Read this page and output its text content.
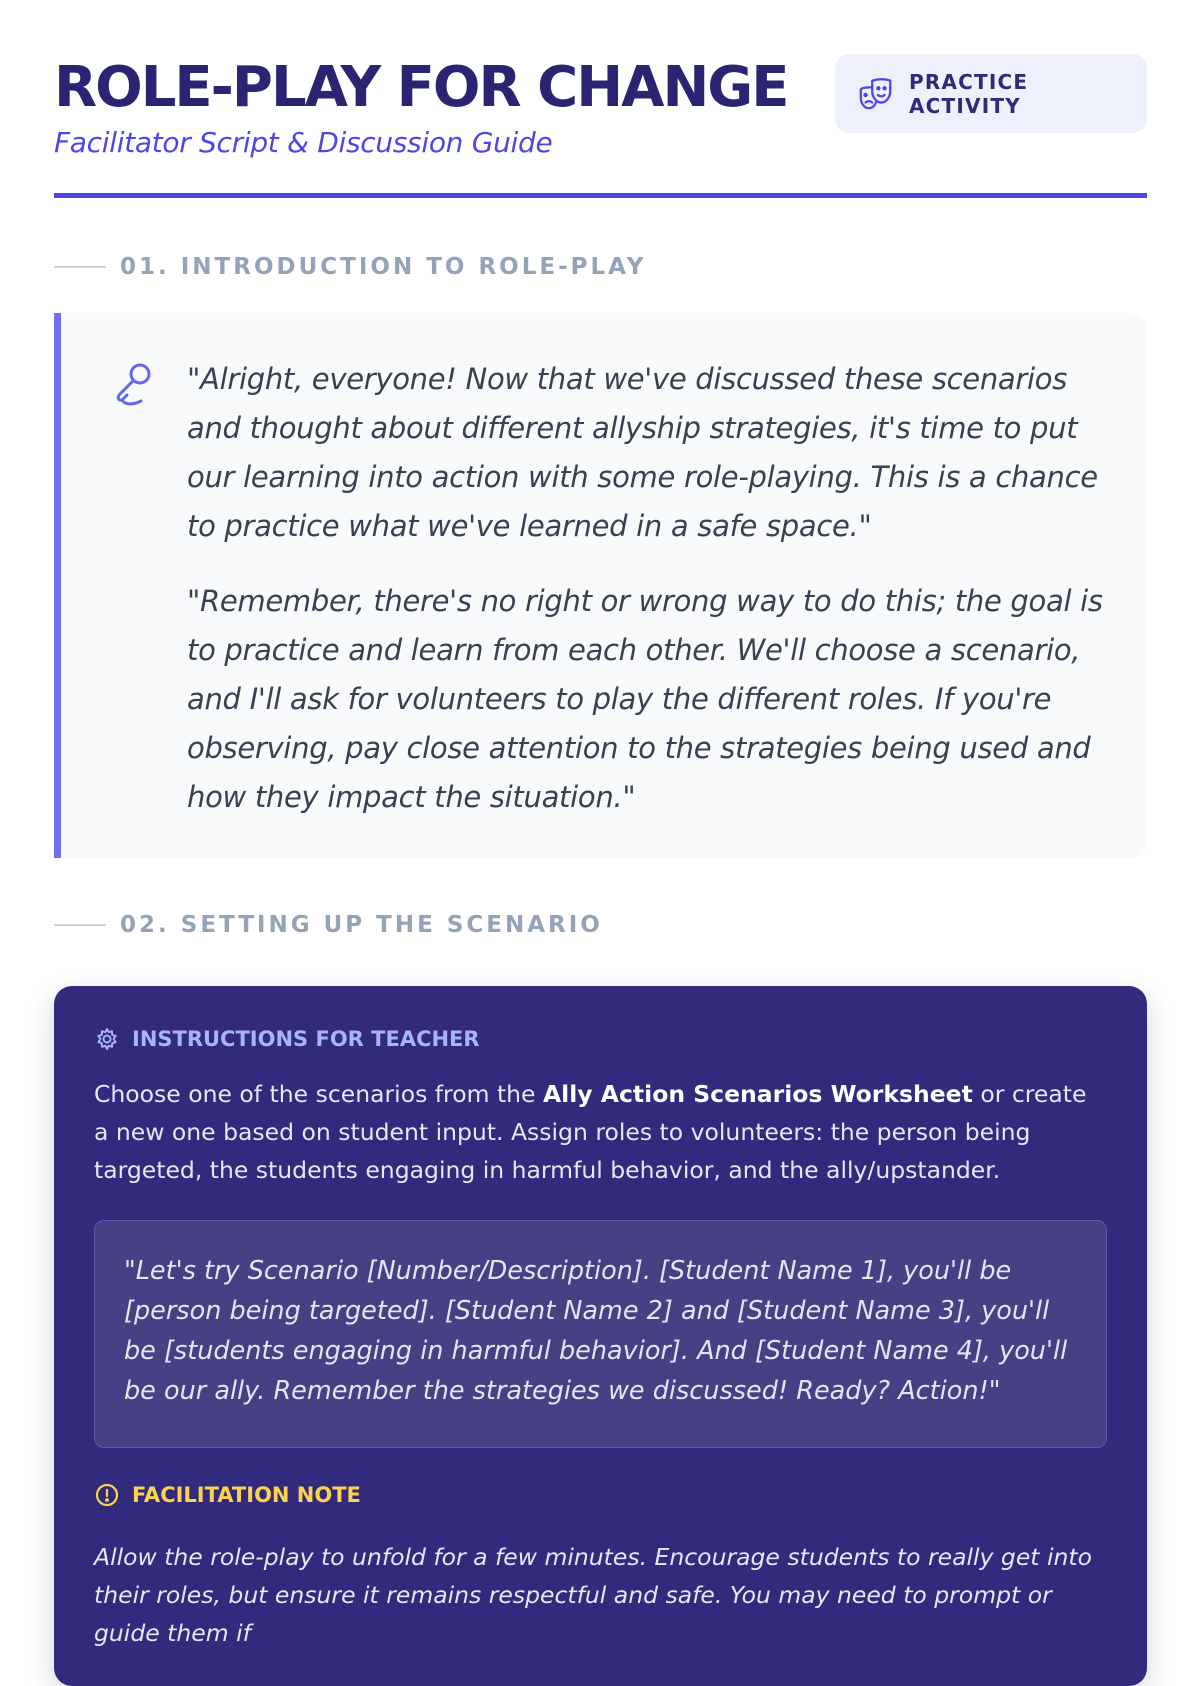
ROLE-PLAY FOR CHANGE
Facilitator Script & Discussion Guide
PRACTICE ACTIVITY
01. INTRODUCTION TO ROLE-PLAY

"Alright, everyone! Now that we've discussed these scenarios and thought about different allyship strategies, it's time to put our learning into action with some role-playing. This is a chance to practice what we've learned in a safe space."

"Remember, there's no right or wrong way to do this; the goal is to practice and learn from each other. We'll choose a scenario, and I'll ask for volunteers to play the different roles. If you're observing, pay close attention to the strategies being used and how they impact the situation."

02. SETTING UP THE SCENARIO
INSTRUCTIONS FOR TEACHER

Choose one of the scenarios from the Ally Action Scenarios Worksheet or create a new one based on student input. Assign roles to volunteers: the person being targeted, the students engaging in harmful behavior, and the ally/upstander.

"Let's try Scenario [Number/Description]. [Student Name 1], you'll be [person being targeted]. [Student Name 2] and [Student Name 3], you'll be [students engaging in harmful behavior]. And [Student Name 4], you'll be our ally. Remember the strategies we discussed! Ready? Action!"

FACILITATION NOTE

Allow the role-play to unfold for a few minutes. Encourage students to really get into their roles, but ensure it remains respectful and safe. You may need to prompt or guide them if
